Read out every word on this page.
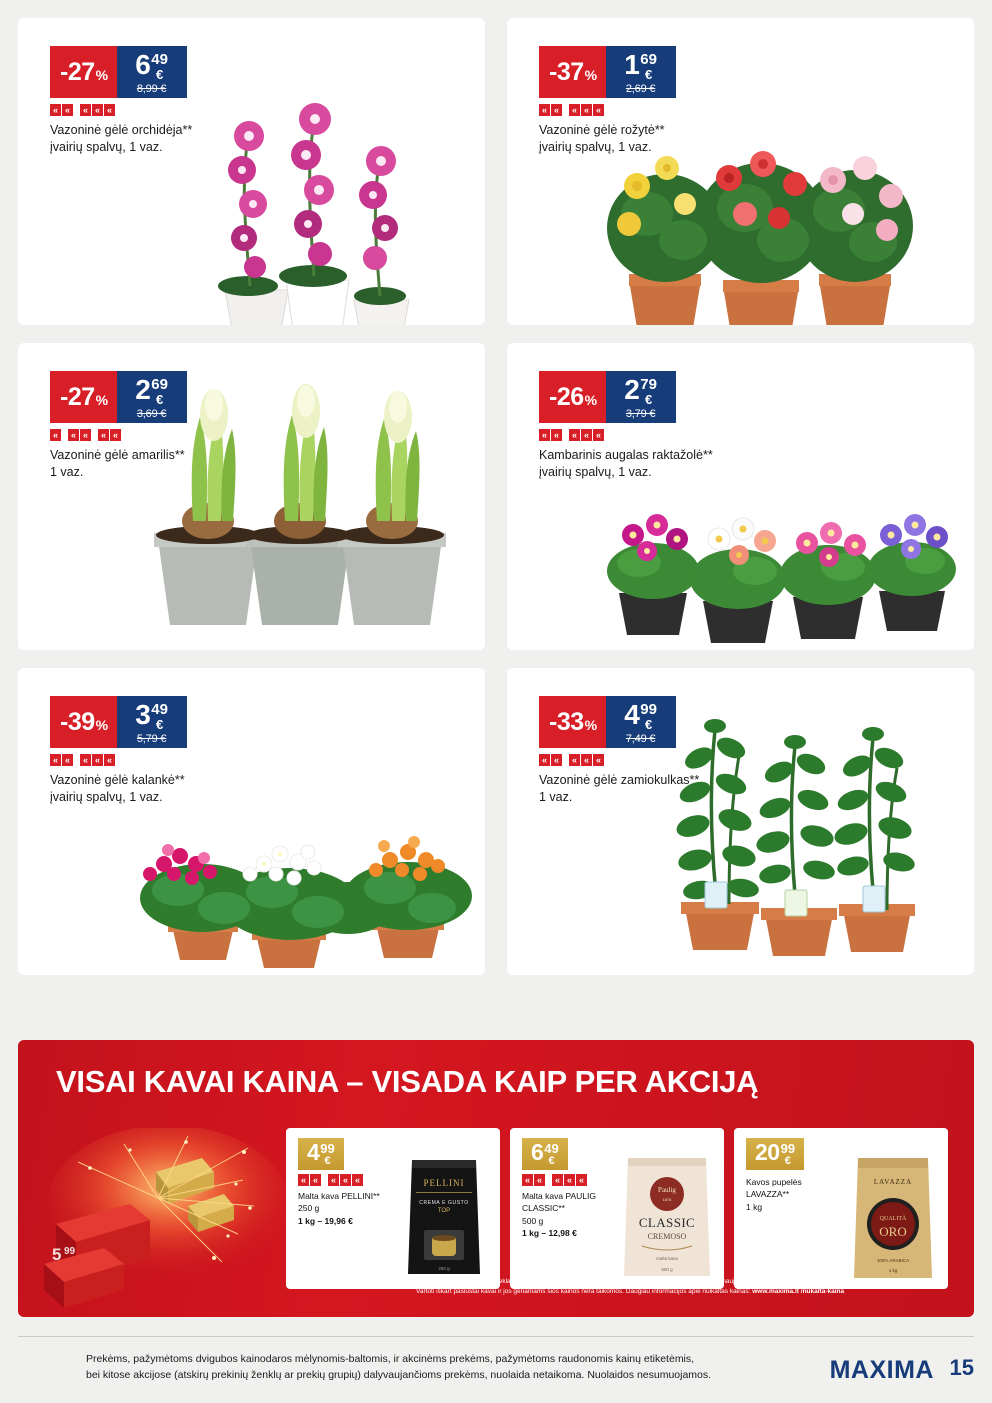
-27 % 6 49
€
8,99 €
« «	« « «
Vazoninė gėlė orchidėja**
įvairių spalvų, 1 vaz.
-37 % 1 69
€
2,69 €
« «	« « «
Vazoninė gėlė rožytė**
įvairių spalvų, 1 vaz.
-27 % 2 69
€
3,69 €
«	« «	« «
Vazoninė gėlė amarilis**
1 vaz.
-26 % 2 79
€
3,79 €
« «	« « «
Kambarinis augalas raktažolė**
įvairių spalvų, 1 vaz.
-39 % 3 49
€
5,79 €
« «	« « «
Vazoninė gėlė kalankė**
įvairių spalvų, 1 vaz.
-33 % 4 99
€
7,49 €
« «	« « «
Vazoninė gėlė zamiokulkas**
1 vaz.
VISAI KAVAI KAINA – VISADA KAIP PER AKCIJĄ
5 99
4 99
€
« «	« « «
Malta kava PELLINI**
250 g
1 kg – 19,96 €
PELLINI
CREMA E GUSTO
TOP
250 g
6 49
€
« «	« « «
Malta kava PAULIG CLASSIC**
500 g
1 kg – 12,98 €
Paulig
1876
CLASSIC
CREMOSO
malta kava
500 g
20 99
€
Kavos pupelės LAVAZZA**
1 kg
LAVAZZA
QUALITÀ
ORO
100% ARABICA
1 kg
Kavos kainos, atvaizduotos reklamoje, leidinyje ir reguliariose kavos išstatymų vietose, yra ne akcinės. Tai naujos įprastos kainos.
Vartoti iškart pasiūstai kavai ir jos geriamams šios kainos nėra taikomos. Daugiau informacijos apie nuikaltas kainas: www.maxima.lt /nukalta-kaina
Prekėms, pažymėtoms dvigubos kainodaros mėlynomis-baltomis, ir akcinėms prekėms, pažymėtoms raudonomis kainų etiketėmis,
bei kitose akcijose (atskirų prekinių ženklų ar prekių grupių) dalyvaujančioms prekėms, nuolaida netaikoma. Nuolaidos nesumuojamos.	MAXIMA 15
